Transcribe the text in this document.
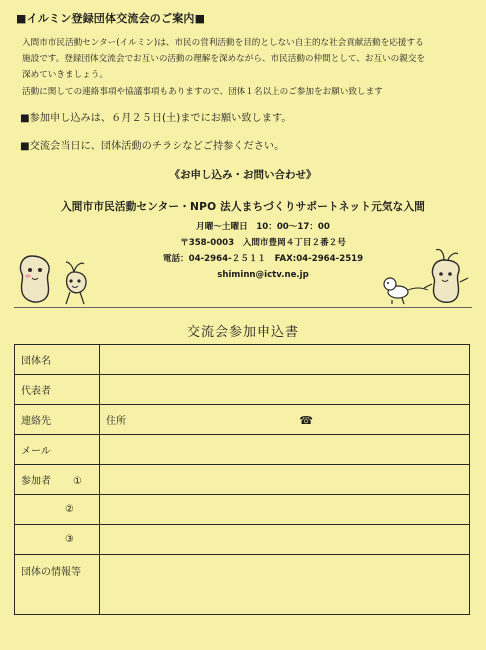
■イルミン登録団体交流会のご案内■
入間市市民活動センター(イルミン)は、市民の営利活動を目的としない自主的な社会貢献活動を応援する
施設です。登録団体交流会でお互いの活動の理解を深めながら、市民活動の仲間として、お互いの親交を
深めていきましょう。
活動に関しての連絡事項や協議事項もありますので、団体１名以上のご参加をお願い致します
■参加申し込みは、６月２５日(土)までにお願い致します。
■交流会当日に、団体活動のチラシなどご持参ください。
《お申し込み・お問い合わせ》
入間市市民活動センター・NPO 法人まちづくりサポートネット元気な入間
月曜～土曜日　10：00～17：00
〒358-0003　入間市豊岡４丁目２番２号
電話：04-2964-２５１１　FAX:04-2964-2519
shiminn@ictv.ne.jp
交流会参加申込書
団体名	
代表者	
連絡先	住所 ☎
メール	
参加者 ①	
②	
③	
団体の情報等	
